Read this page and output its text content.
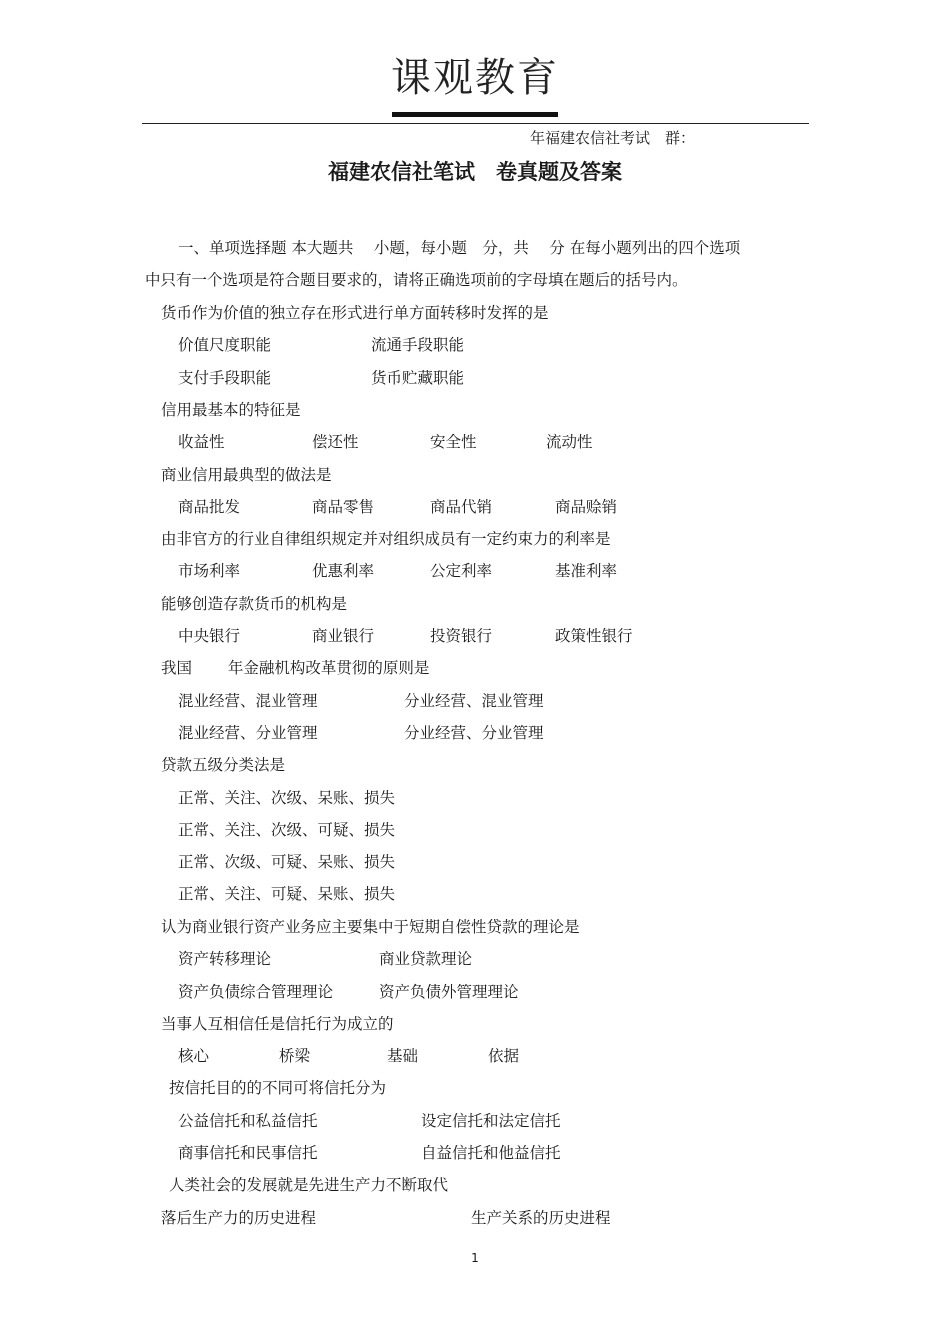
课观教育
年福建农信社考试　群：
福建农信社笔试　卷真题及答案
一、单项选择题 本大题共　 小题，每小题　分，共　 分 在每小题列出的四个选项
中只有一个选项是符合题目要求的，请将正确选项前的字母填在题后的括号内。
货币作为价值的独立存在形式进行单方面转移时发挥的是
价值尺度职能	流通手段职能
支付手段职能	货币贮藏职能
信用最基本的特征是
收益性	偿还性	安全性	流动性
商业信用最典型的做法是
商品批发	商品零售	商品代销	商品赊销
由非官方的行业自律组织规定并对组织成员有一定约束力的利率是
市场利率	优惠利率	公定利率	基准利率
能够创造存款货币的机构是
中央银行	商业银行	投资银行	政策性银行
我国　　 年金融机构改革贯彻的原则是
混业经营、混业管理	分业经营、混业管理
混业经营、分业管理	分业经营、分业管理
贷款五级分类法是
正常、关注、次级、呆账、损失
正常、关注、次级、可疑、损失
正常、次级、可疑、呆账、损失
正常、关注、可疑、呆账、损失
认为商业银行资产业务应主要集中于短期自偿性贷款的理论是
资产转移理论	商业贷款理论
资产负债综合管理理论	资产负债外管理理论
当事人互相信任是信托行为成立的
核心	桥梁	基础	依据
按信托目的的不同可将信托分为
公益信托和私益信托	设定信托和法定信托
商事信托和民事信托	自益信托和他益信托
人类社会的发展就是先进生产力不断取代
落后生产力的历史进程	生产关系的历史进程
1
